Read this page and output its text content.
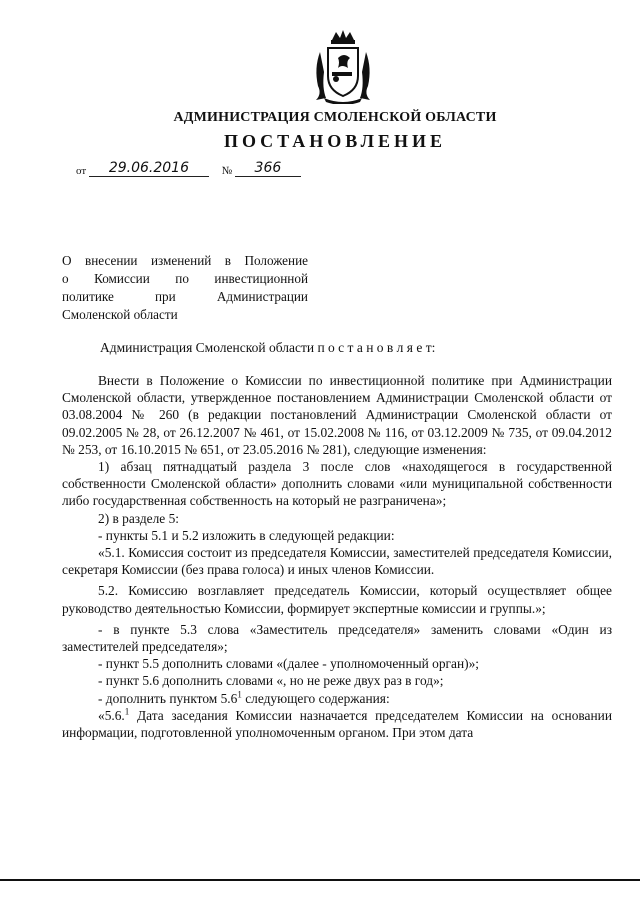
АДМИНИСТРАЦИЯ СМОЛЕНСКОЙ ОБЛАСТИ
ПОСТАНОВЛЕНИЕ
от 29.06.2016	№ 366

О внесении изменений в Положение

о Комиссии по инвестиционной

политике при Администрации

Смоленской области

Администрация Смоленской области п о с т а н о в л я е т:

Внести в Положение о Комиссии по инвестиционной политике при Администрации Смоленской области, утвержденное постановлением Администрации Смоленской области от 03.08.2004 № 260 (в редакции постановлений Администрации Смоленской области от 09.02.2005 № 28, от 26.12.2007 № 461, от 15.02.2008 № 116, от 03.12.2009 № 735, от 09.04.2012 № 253, от 16.10.2015 № 651, от 23.05.2016 № 281), следующие изменения:

1) абзац пятнадцатый раздела 3 после слов «находящегося в государственной собственности Смоленской области» дополнить словами «или муниципальной собственности либо государственная собственность на который не разграничена»;

2) в разделе 5:

- пункты 5.1 и 5.2 изложить в следующей редакции:

«5.1. Комиссия состоит из председателя Комиссии, заместителей председателя Комиссии, секретаря Комиссии (без права голоса) и иных членов Комиссии.

5.2. Комиссию возглавляет председатель Комиссии, который осуществляет общее руководство деятельностью Комиссии, формирует экспертные комиссии и группы.»;

- в пункте 5.3 слова «Заместитель председателя» заменить словами «Один из заместителей председателя»;

- пункт 5.5 дополнить словами «(далее - уполномоченный орган)»;

- пункт 5.6 дополнить словами «, но не реже двух раз в год»;

- дополнить пунктом $5.6^1$ следующего содержания:

«5.6.$^1$ Дата заседания Комиссии назначается председателем Комиссии на основании информации, подготовленной уполномоченным органом. При этом дата
